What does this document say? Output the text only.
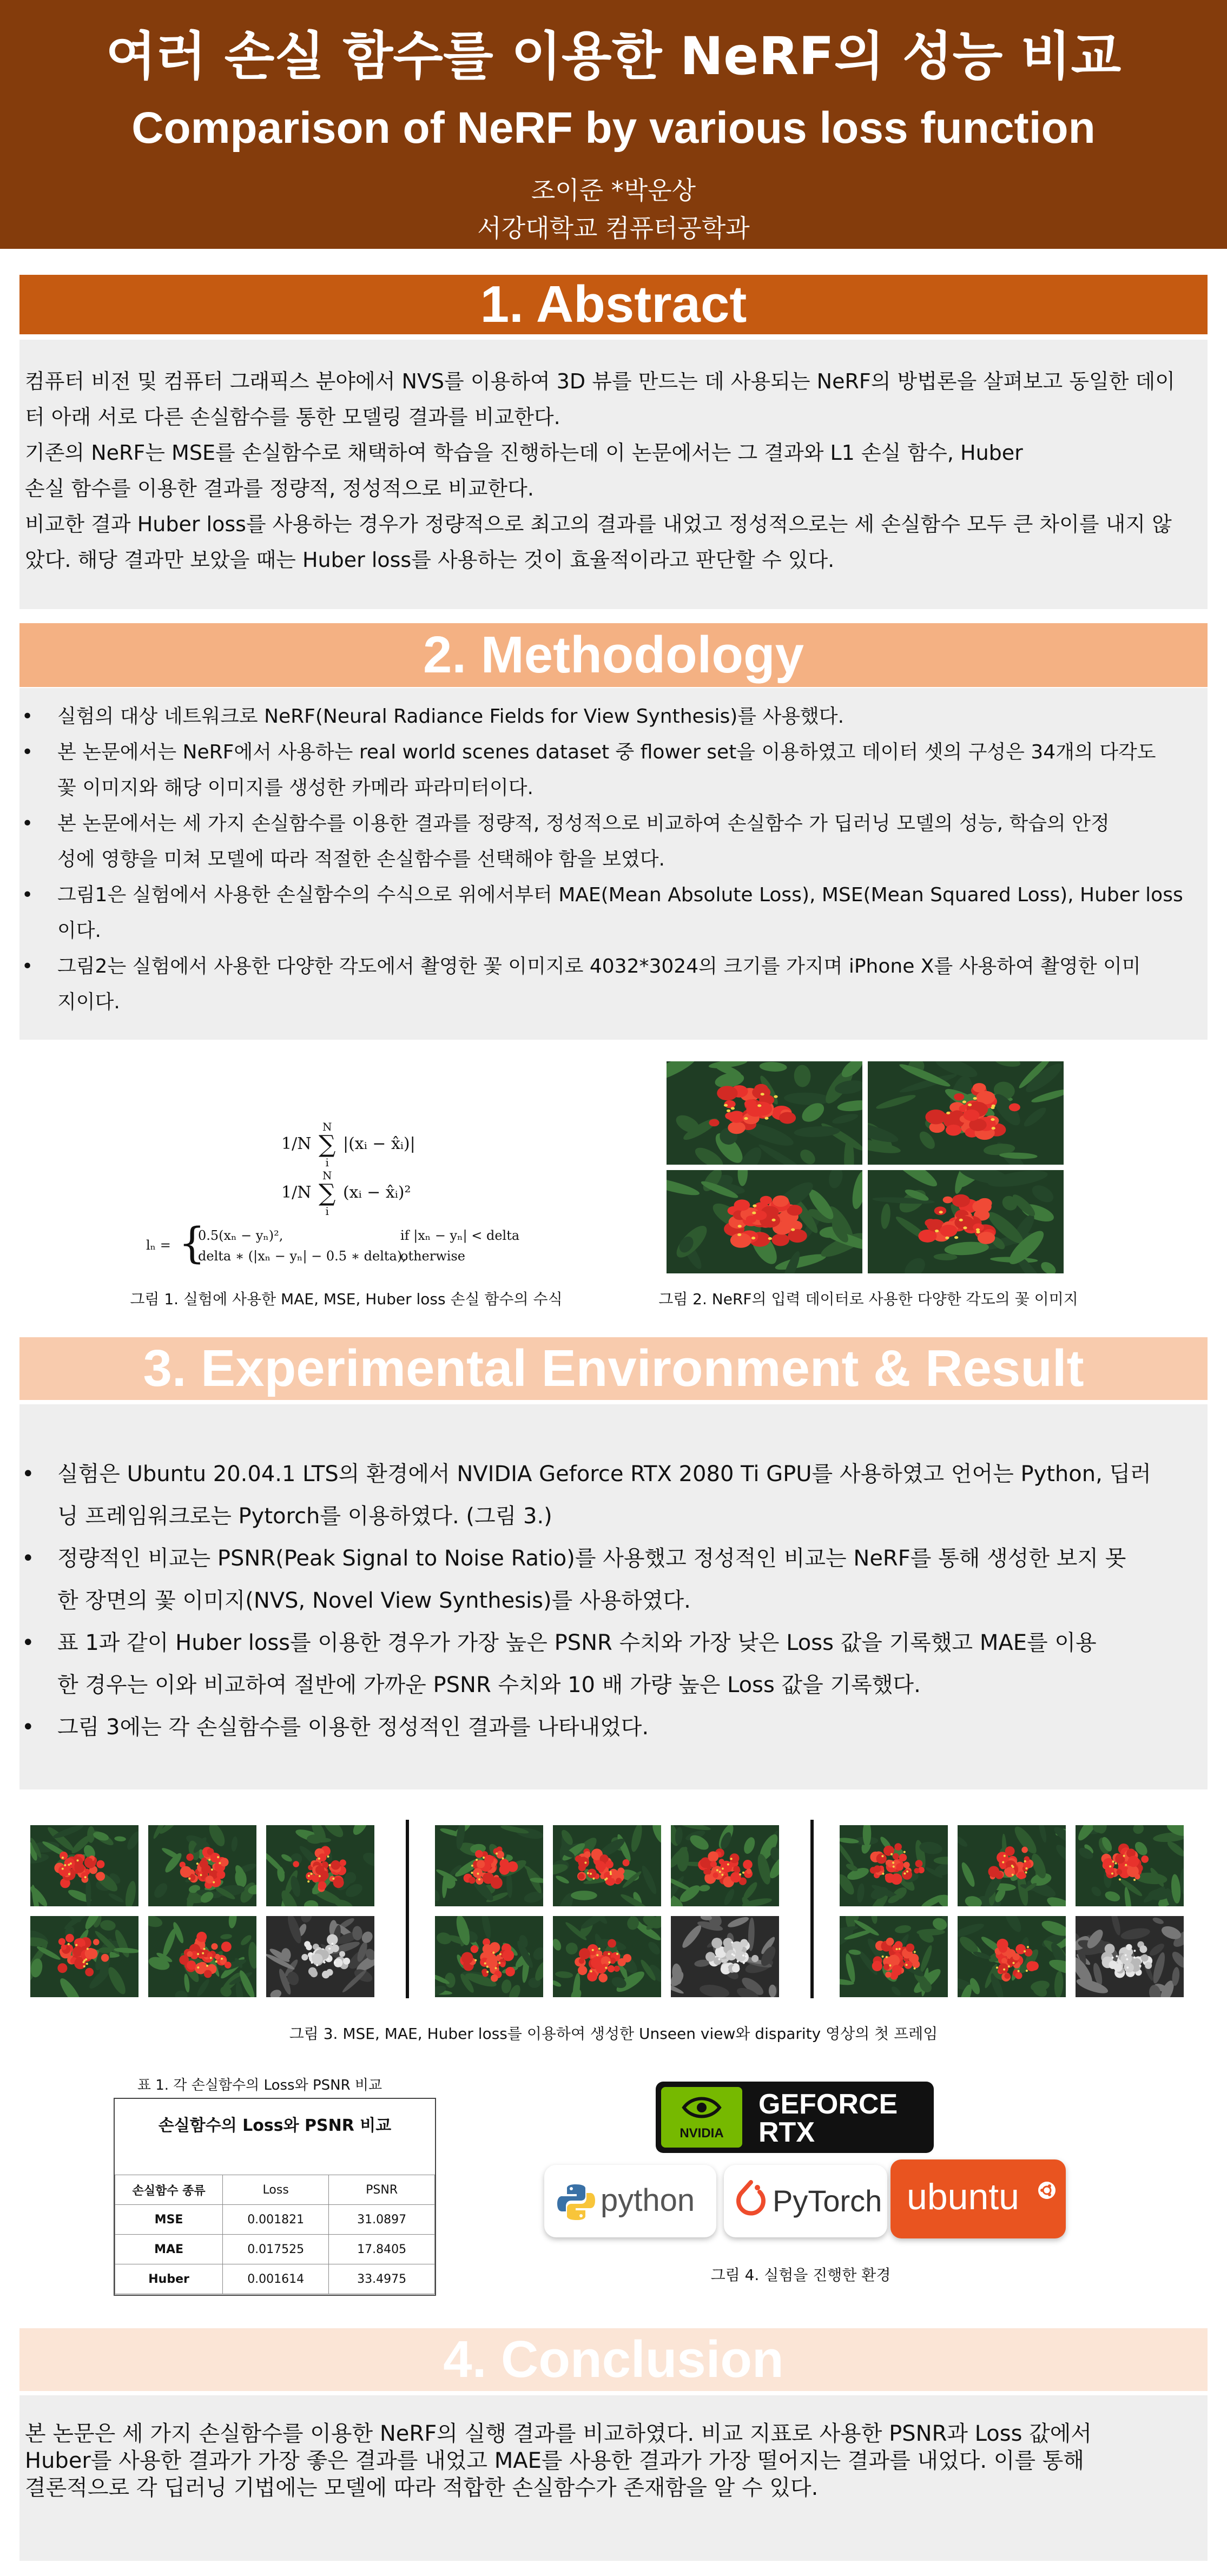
여러 손실 함수를 이용한 NeRF의 성능 비교
Comparison of NeRF by various loss function
조이준 *박운상
서강대학교 컴퓨터공학과
1. Abstract
컴퓨터 비전 및 컴퓨터 그래픽스 분야에서 NVS를 이용하여 3D 뷰를 만드는 데 사용되는 NeRF의 방법론을 살펴보고 동일한 데이
터 아래 서로 다른 손실함수를 통한 모델링 결과를 비교한다.
기존의 NeRF는 MSE를 손실함수로 채택하여 학습을 진행하는데 이 논문에서는 그 결과와 L1 손실 함수, Huber
손실 함수를 이용한 결과를 정량적, 정성적으로 비교한다.
비교한 결과 Huber loss를 사용하는 경우가 정량적으로 최고의 결과를 내었고 정성적으로는 세 손실함수 모두 큰 차이를 내지 않
았다. 해당 결과만 보았을 때는 Huber loss를 사용하는 것이 효율적이라고 판단할 수 있다.
2. Methodology
• 실험의 대상 네트워크로 NeRF(Neural Radiance Fields for View Synthesis)를 사용했다.
• 본 논문에서는 NeRF에서 사용하는 real world scenes dataset 중 flower set을 이용하였고 데이터 셋의 구성은 34개의 다각도
꽃 이미지와 해당 이미지를 생성한 카메라 파라미터이다.
• 본 논문에서는 세 가지 손실함수를 이용한 결과를 정량적, 정성적으로 비교하여 손실함수 가 딥러닝 모델의 성능, 학습의 안정
성에 영향을 미쳐 모델에 따라 적절한 손실함수를 선택해야 함을 보였다.
• 그림1은 실험에서 사용한 손실함수의 수식으로 위에서부터 MAE(Mean Absolute Loss), MSE(Mean Squared Loss), Huber loss
이다.
• 그림2는 실험에서 사용한 다양한 각도에서 촬영한 꽃 이미지로 4032*3024의 크기를 가지며 iPhone X를 사용하여 촬영한 이미
지이다.
1/N
N
∑
i
|(xᵢ − x̂ᵢ)|
1/N
N
∑
i
(xᵢ − x̂ᵢ)²
lₙ = {
0.5(xₙ − yₙ)²,	if |xₙ − yₙ| < delta
delta ∗ (|xₙ − yₙ| − 0.5 ∗ delta),
otherwise
그림 1. 실험에 사용한 MAE, MSE, Huber loss 손실 함수의 수식	그림 2. NeRF의 입력 데이터로 사용한 다양한 각도의 꽃 이미지
3. Experimental Environment & Result
• 실험은 Ubuntu 20.04.1 LTS의 환경에서 NVIDIA Geforce RTX 2080 Ti GPU를 사용하였고 언어는 Python, 딥러
닝 프레임워크로는 Pytorch를 이용하였다. (그림 3.)
• 정량적인 비교는 PSNR(Peak Signal to Noise Ratio)를 사용했고 정성적인 비교는 NeRF를 통해 생성한 보지 못
한 장면의 꽃 이미지(NVS, Novel View Synthesis)를 사용하였다.
• 표 1과 같이 Huber loss를 이용한 경우가 가장 높은 PSNR 수치와 가장 낮은 Loss 값을 기록했고 MAE를 이용
한 경우는 이와 비교하여 절반에 가까운 PSNR 수치와 10 배 가량 높은 Loss 값을 기록했다.
• 그림 3에는 각 손실함수를 이용한 정성적인 결과를 나타내었다.
그림 3. MSE, MAE, Huber loss를 이용하여 생성한 Unseen view와 disparity 영상의 첫 프레임
표 1. 각 손실함수의 Loss와 PSNR 비교
손실함수의 Loss와 PSNR 비교
손실함수 종류	Loss	PSNR
MSE	0.001821	31.0897
MAE	0.017525	17.8405
Huber	0.001614	33.4975
NVIDIA
GEFORCE
RTX
python	PyTorch ubuntu
그림 4. 실험을 진행한 환경
4. Conclusion
본 논문은 세 가지 손실함수를 이용한 NeRF의 실행 결과를 비교하였다. 비교 지표로 사용한 PSNR과 Loss 값에서
Huber를 사용한 결과가 가장 좋은 결과를 내었고 MAE를 사용한 결과가 가장 떨어지는 결과를 내었다. 이를 통해
결론적으로 각 딥러닝 기법에는 모델에 따라 적합한 손실함수가 존재함을 알 수 있다.
